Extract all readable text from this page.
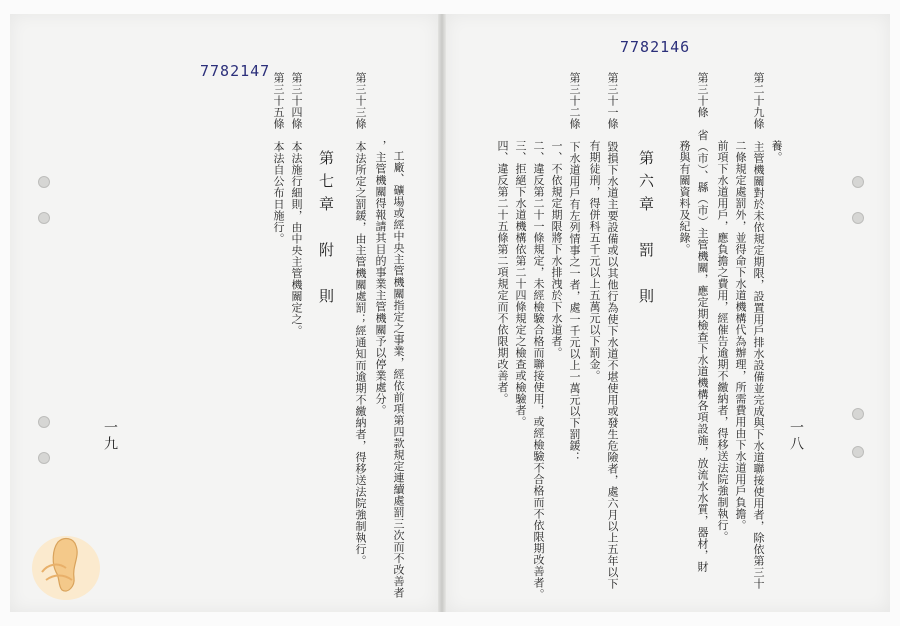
7782147
7782146
養。
第二十九條　主管機關對於未依規定期限，設置用戶排水設備並完成與下水道聯接使用者，除依第三十
二條規定處罰外，並得命下水道機構代為辦理，所需費用由下水道用戶負擔。
前項下水道用戶，應負擔之費用，經催告逾期不繳納者，得移送法院強制執行。
第三十條　省（市）、縣（市）主管機關，應定期檢查下水道機構各項設施，放流水水質，器材，財
務與有關資料及紀錄。
第六章　罰　則
第三十一條　毀損下水道主要設備或以其他行為使下水道不堪使用或發生危險者，處六月以上五年以下
有期徒刑，得併科五千元以上五萬元以下罰金。
第三十二條　下水道用戶有左列情事之一者，處一千元以上一萬元以下罰鍰：
一、不依規定期限將下水排洩於下水道者。
二、違反第二十一條規定，未經檢驗合格而聯接使用，或經檢驗不合格而不依限期改善者。
三、拒絕下水道機構依第二十四條規定之檢查或檢驗者。
四、違反第二十五條第二項規定而不依限期改善者。
一八
工廠、礦場或經中央主管機關指定之事業，經依前項第四款規定連續處罰三次而不改善者
，主管機關得報請其目的事業主管機關予以停業處分。
第三十三條　本法所定之罰鍰，由主管機關處罰；經通知而逾期不繳納者，得移送法院強制執行。
第七章　附　則
第三十四條　本法施行細則，由中央主管機關定之。
第三十五條　本法自公布日施行。
一九
